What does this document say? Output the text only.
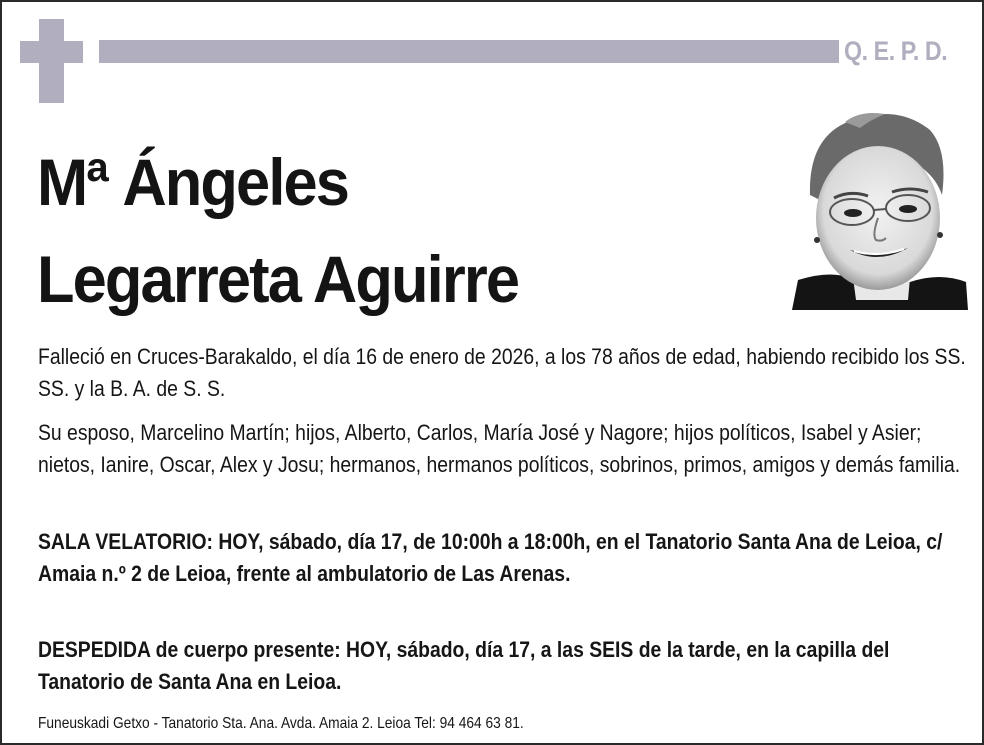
Q. E. P. D.
Mª Ángeles
Legarreta Aguirre

Falleció en Cruces-Barakaldo, el día 16 de enero de 2026, a los 78 años de edad, habiendo recibido los SS. SS. y la B. A. de S. S.

Su esposo, Marcelino Martín; hijos, Alberto, Carlos, María José y Nagore; hijos políticos, Isabel y Asier; nietos, Ianire, Oscar, Alex y Josu; hermanos, hermanos políticos, sobrinos, primos, amigos y demás familia.

SALA VELATORIO: HOY, sábado, día 17, de 10:00h a 18:00h, en el Tanatorio Santa Ana de Leioa, c/ Amaia n.º 2 de Leioa, frente al ambulatorio de Las Arenas.

DESPEDIDA de cuerpo presente: HOY, sábado, día 17, a las SEIS de la tarde, en la capilla del Tanatorio de Santa Ana en Leioa.

Funeuskadi Getxo - Tanatorio Sta. Ana. Avda. Amaia 2. Leioa Tel: 94 464 63 81.
